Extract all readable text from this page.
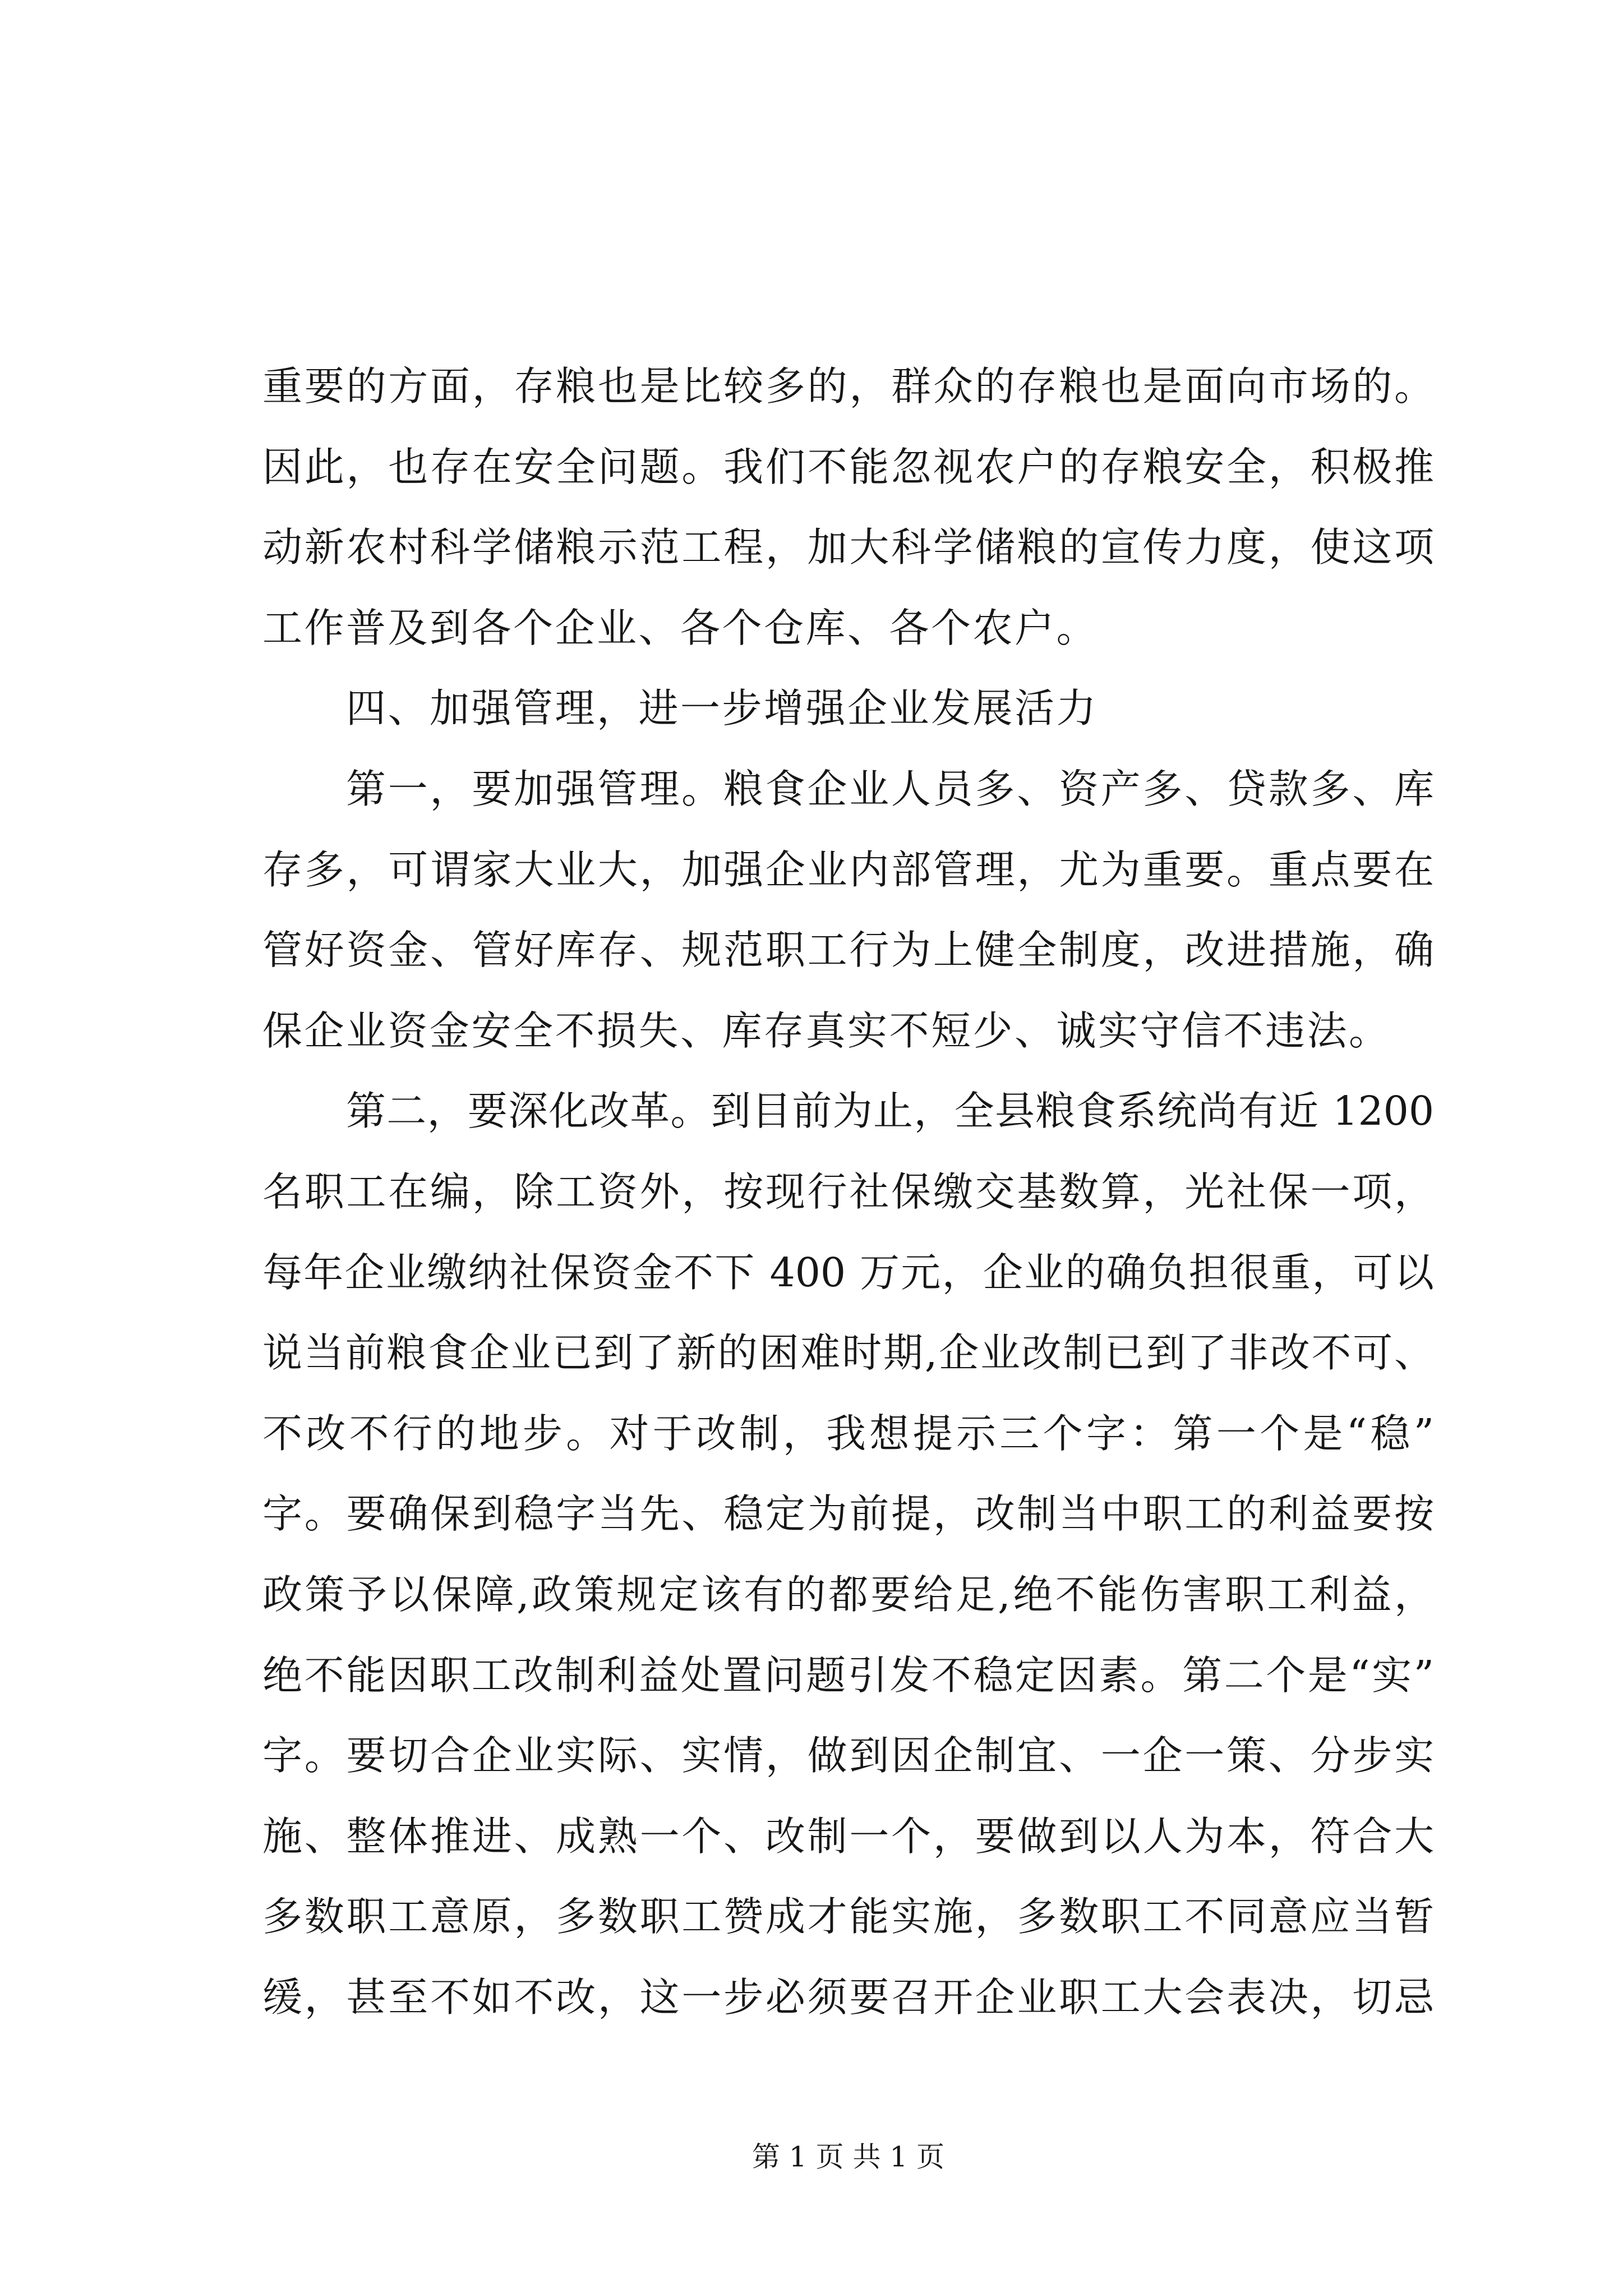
重要的方面，存粮也是比较多的，群众的存粮也是面向市场的。
因此，也存在安全问题。我们不能忽视农户的存粮安全，积极推
动新农村科学储粮示范工程，加大科学储粮的宣传力度，使这项
工作普及到各个企业、各个仓库、各个农户。
四、加强管理，进一步增强企业发展活力
第一，要加强管理。粮食企业人员多、资产多、贷款多、库
存多，可谓家大业大，加强企业内部管理，尤为重要。重点要在
管好资金、管好库存、规范职工行为上健全制度，改进措施，确
保企业资金安全不损失、库存真实不短少、诚实守信不违法。
第二，要深化改革。到目前为止，全县粮食系统尚有近 1200
名职工在编，除工资外，按现行社保缴交基数算，光社保一项，
每年企业缴纳社保资金不下 400 万元，企业的确负担很重，可以
说当前粮食企业已到了新的困难时期,企业改制已到了非改不可、
不改不行的地步。对于改制，我想提示三个字：第一个是“稳”
字。要确保到稳字当先、稳定为前提，改制当中职工的利益要按
政策予以保障,政策规定该有的都要给足,绝不能伤害职工利益，
绝不能因职工改制利益处置问题引发不稳定因素。第二个是“实”
字。要切合企业实际、实情，做到因企制宜、一企一策、分步实
施、整体推进、成熟一个、改制一个，要做到以人为本，符合大
多数职工意原，多数职工赞成才能实施，多数职工不同意应当暂
缓，甚至不如不改，这一步必须要召开企业职工大会表决，切忌
第 1 页 共 1 页
